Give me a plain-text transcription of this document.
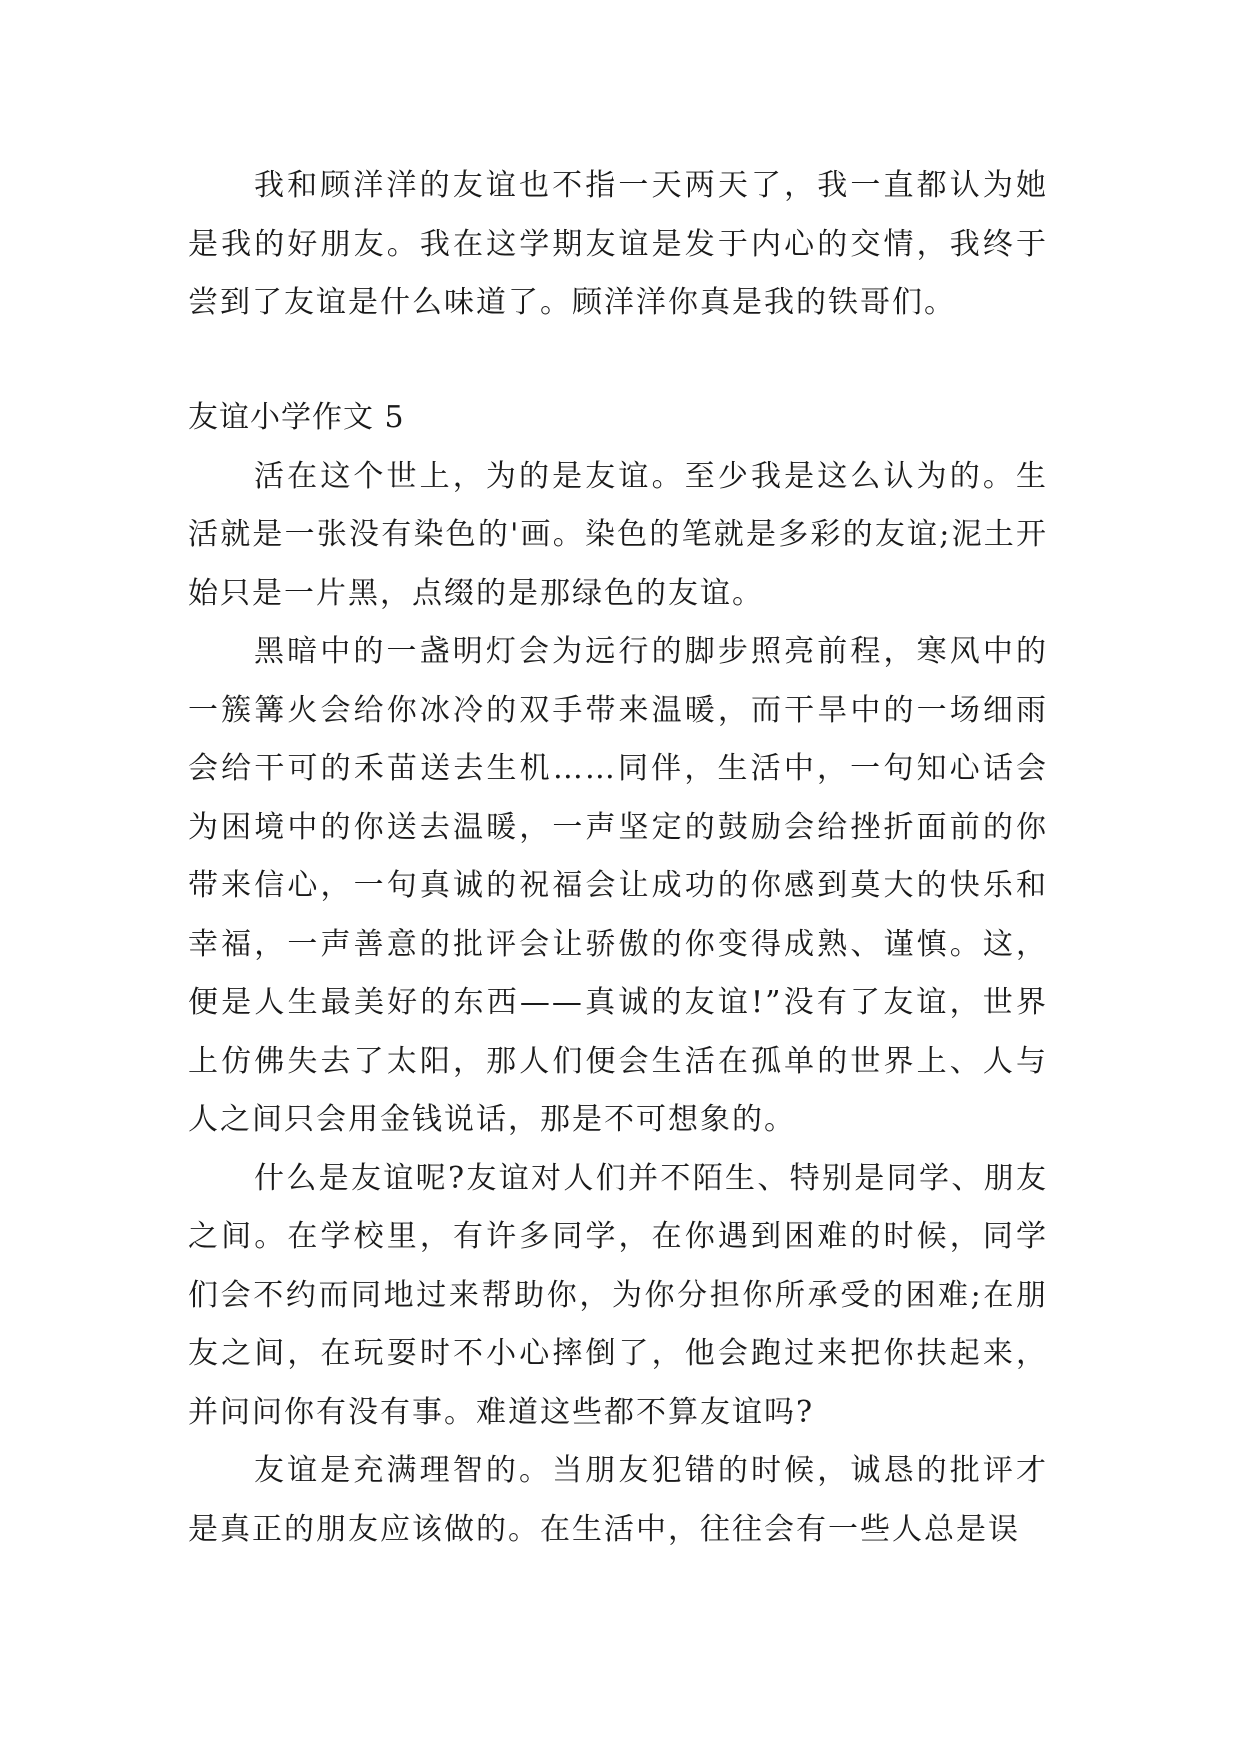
我和顾洋洋的友谊也不指一天两天了，我一直都认为她是我的好朋友。我在这学期友谊是发于内心的交情，我终于尝到了友谊是什么味道了。顾洋洋你真是我的铁哥们。

友谊小学作文 5

活在这个世上，为的是友谊。至少我是这么认为的。生活就是一张没有染色的'画。染色的笔就是多彩的友谊;泥土开始只是一片黑，点缀的是那绿色的友谊。

黑暗中的一盏明灯会为远行的脚步照亮前程，寒风中的一簇篝火会给你冰冷的双手带来温暖，而干旱中的一场细雨会给干可的禾苗送去生机……同伴，生活中，一句知心话会为困境中的你送去温暖，一声坚定的鼓励会给挫折面前的你带来信心，一句真诚的祝福会让成功的你感到莫大的快乐和幸福，一声善意的批评会让骄傲的你变得成熟、谨慎。这，便是人生最美好的东西——真诚的友谊!”没有了友谊，世界上仿佛失去了太阳，那人们便会生活在孤单的世界上、人与人之间只会用金钱说话，那是不可想象的。

什么是友谊呢?友谊对人们并不陌生、特别是同学、朋友之间。在学校里，有许多同学，在你遇到困难的时候，同学们会不约而同地过来帮助你，为你分担你所承受的困难;在朋友之间，在玩耍时不小心摔倒了，他会跑过来把你扶起来，并问问你有没有事。难道这些都不算友谊吗?

友谊是充满理智的。当朋友犯错的时候，诚恳的批评才是真正的朋友应该做的。在生活中，往往会有一些人总是误
